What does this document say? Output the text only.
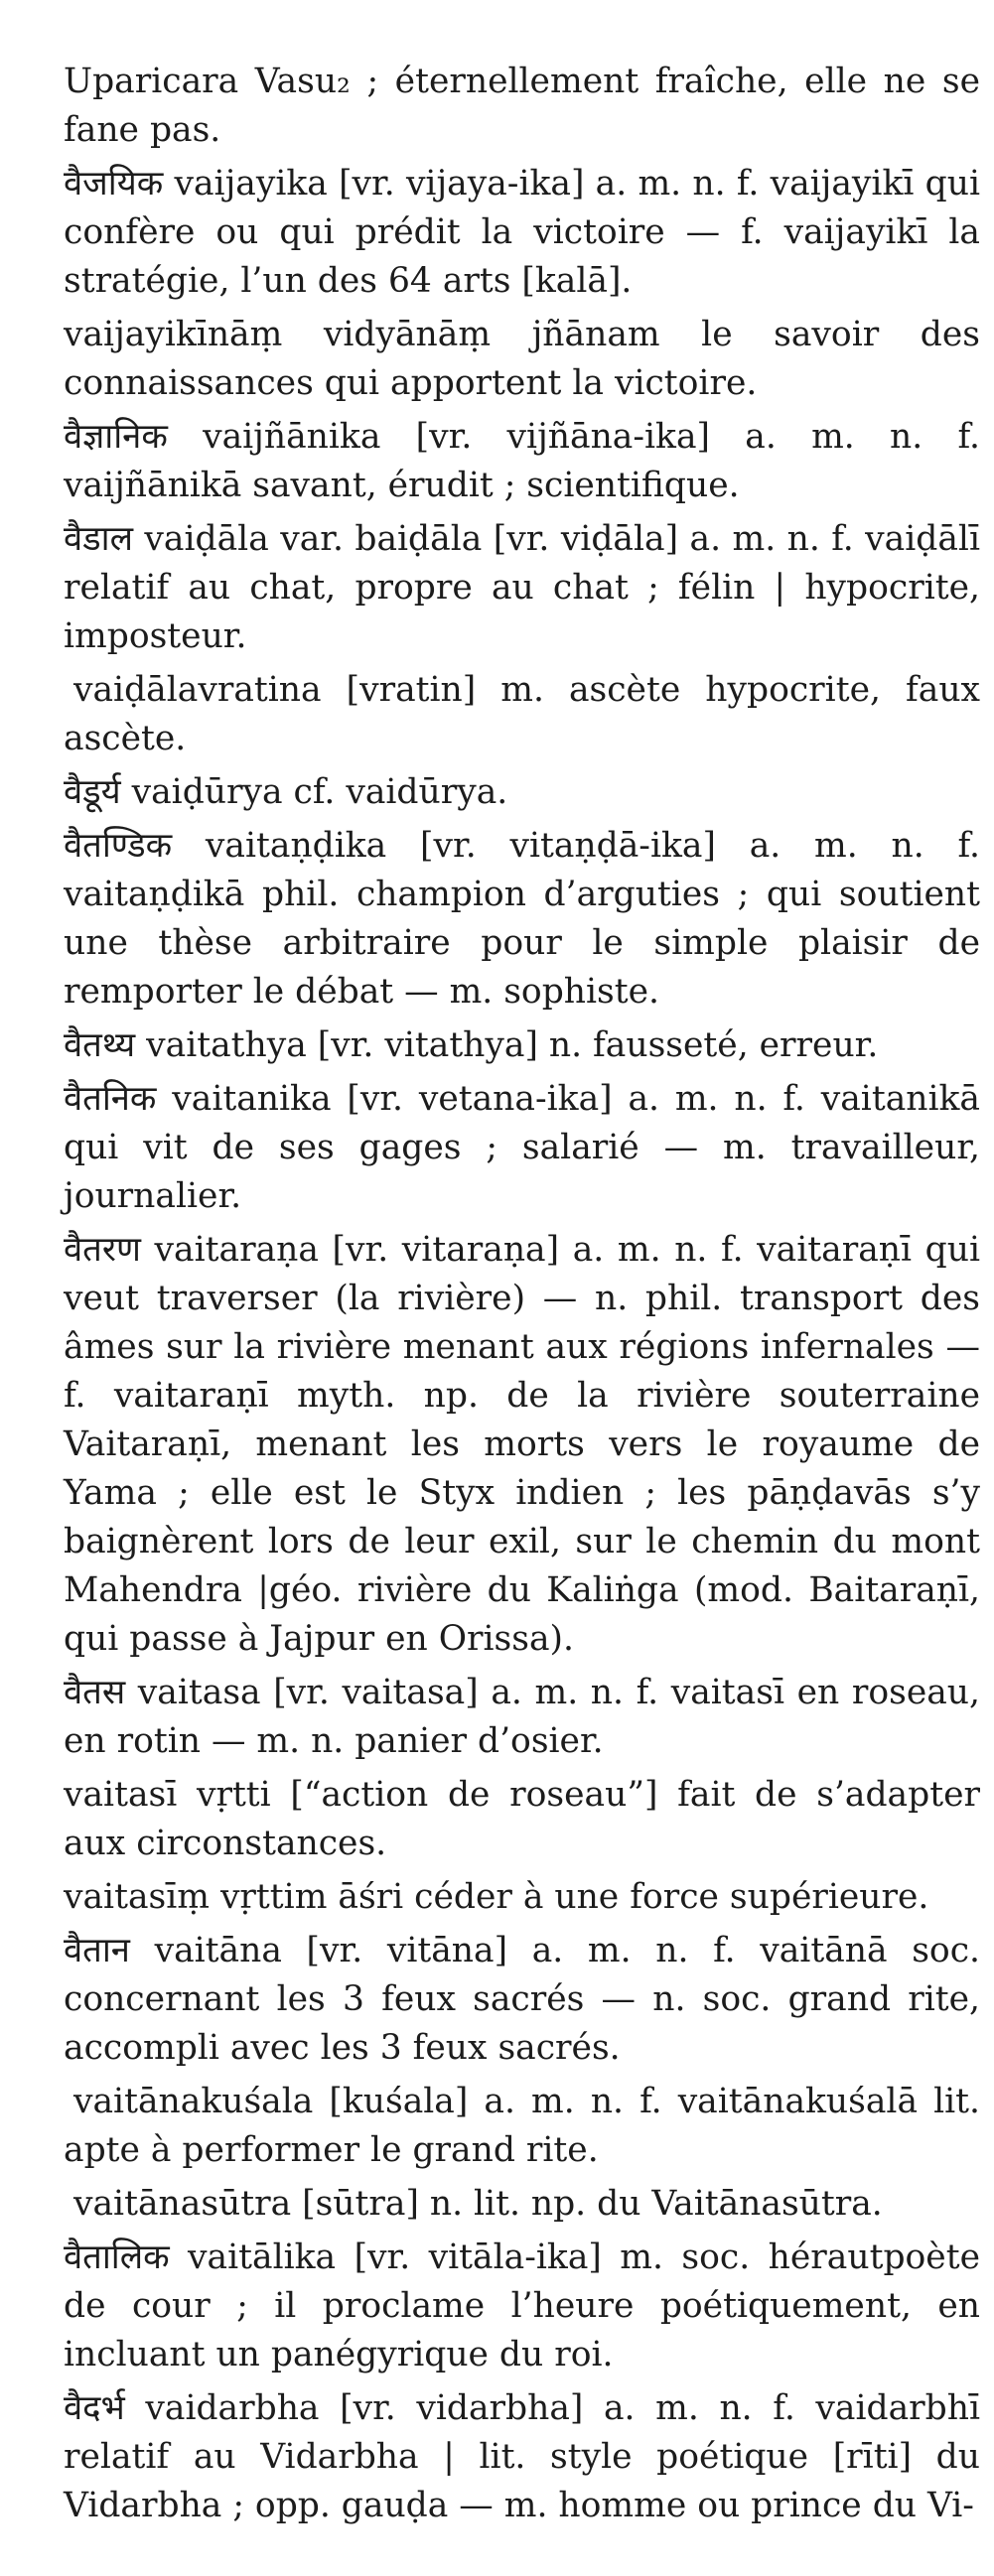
Uparicara Vasu₂ ; éternellement fraîche, elle ne se fane pas.

वैजयिक vaijayika [vr. vijaya-ika] a. m. n. f. vaijayikī qui confère ou qui prédit la victoire — f. vaijayikī la stratégie, l’un des 64 arts [kalā].

vaijayikīnāṃ vidyānāṃ jñānam le savoir des connaissances qui apportent la victoire.

वैज्ञानिक vaijñānika [vr. vijñāna-ika] a. m. n. f. vaijñānikā savant, érudit ; scientifique.

वैडाल vaiḍāla var. baiḍāla [vr. viḍāla] a. m. n. f. vaiḍālī relatif au chat, propre au chat ; félin | hypocrite, imposteur.

vaiḍālavratina [vratin] m. ascète hypocrite, faux ascète.

वैडूर्य vaiḍūrya cf. vaidūrya.

वैतण्डिक vaitaṇḍika [vr. vitaṇḍā-ika] a. m. n. f. vaitaṇḍikā phil. champion d’arguties ; qui soutient une thèse arbitraire pour le simple plaisir de remporter le débat — m. sophiste.

वैतथ्य vaitathya [vr. vitathya] n. fausseté, erreur.

वैतनिक vaitanika [vr. vetana-ika] a. m. n. f. vaitanikā qui vit de ses gages ; salarié — m. travailleur, journalier.

वैतरण vaitaraṇa [vr. vitaraṇa] a. m. n. f. vaitaraṇī qui veut traverser (la rivière) — n. phil. transport des âmes sur la rivière menant aux régions infernales — f. vaitaraṇī myth. np. de la rivière souterraine Vaitaraṇī, menant les morts vers le royaume de Yama ; elle est le Styx indien ; les pāṇḍavās s’y baignèrent lors de leur exil, sur le chemin du mont Mahendra |géo. rivière du Kaliṅga (mod. Baitaraṇī, qui passe à Jajpur en Orissa).

वैतस vaitasa [vr. vaitasa] a. m. n. f. vaitasī en roseau, en rotin — m. n. panier d’osier.

vaitasī vṛtti [“action de roseau”] fait de s’adapter aux circonstances.

vaitasīṃ vṛttim āśri céder à une force supérieure.

वैतान vaitāna [vr. vitāna] a. m. n. f. vaitānā soc. concernant les 3 feux sacrés — n. soc. grand rite, accompli avec les 3 feux sacrés.

vaitānakuśala [kuśala] a. m. n. f. vaitānakuśalā lit. apte à performer le grand rite.

vaitānasūtra [sūtra] n. lit. np. du Vaitānasūtra.

वैतालिक vaitālika [vr. vitāla-ika] m. soc. hérautpoète de cour ; il proclame l’heure poétiquement, en incluant un panégyrique du roi.

वैदर्भ vaidarbha [vr. vidarbha] a. m. n. f. vaidarbhī relatif au Vidarbha | lit. style poétique [rīti] du Vidarbha ; opp. gauḍa — m. homme ou prince du Vi-
